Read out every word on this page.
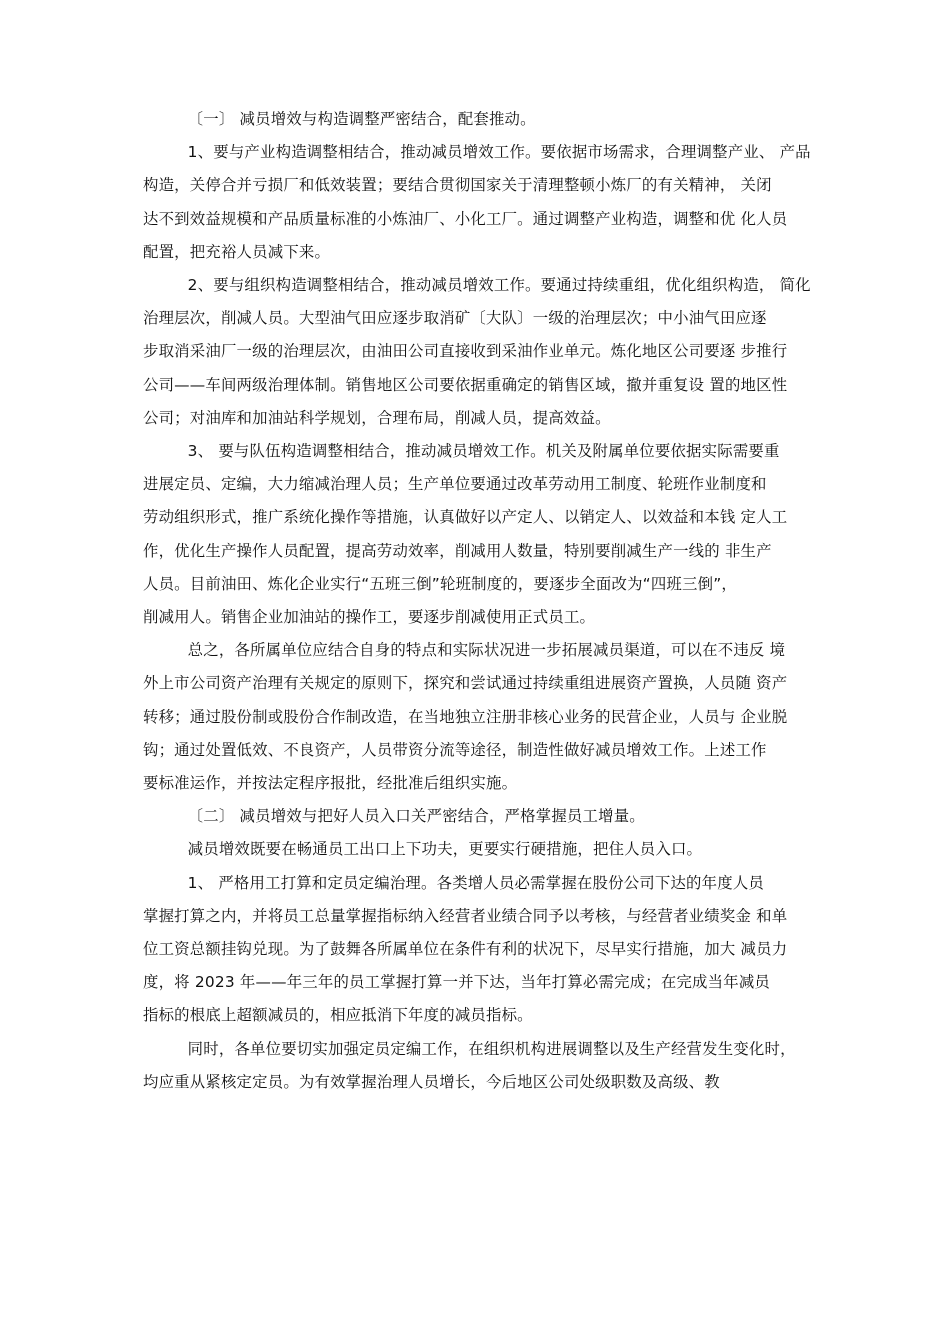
〔一〕 减员增效与构造调整严密结合，配套推动。
1、要与产业构造调整相结合，推动减员增效工作。要依据市场需求，合理调整产业、 产品
构造，关停合并亏损厂和低效装置；要结合贯彻国家关于清理整顿小炼厂的有关精神， 关闭
达不到效益规模和产品质量标准的小炼油厂、小化工厂。通过调整产业构造，调整和优 化人员
配置，把充裕人员减下来。
2、要与组织构造调整相结合，推动减员增效工作。要通过持续重组，优化组织构造， 简化
治理层次，削减人员。大型油气田应逐步取消矿〔大队〕一级的治理层次；中小油气田应逐
步取消采油厂一级的治理层次，由油田公司直接收到采油作业单元。炼化地区公司要逐 步推行
公司——车间两级治理体制。销售地区公司要依据重确定的销售区域，撤并重复设 置的地区性
公司；对油库和加油站科学规划，合理布局，削减人员，提高效益。
3、 要与队伍构造调整相结合，推动减员增效工作。机关及附属单位要依据实际需要重
进展定员、定编，大力缩减治理人员；生产单位要通过改革劳动用工制度、轮班作业制度和
劳动组织形式，推广系统化操作等措施，认真做好以产定人、以销定人、以效益和本钱 定人工
作，优化生产操作人员配置，提高劳动效率，削减用人数量，特别要削减生产一线的 非生产
人员。目前油田、炼化企业实行“五班三倒”轮班制度的，要逐步全面改为“四班三倒”，
削减用人。销售企业加油站的操作工，要逐步削减使用正式员工。
总之，各所属单位应结合自身的特点和实际状况进一步拓展减员渠道，可以在不违反 境
外上市公司资产治理有关规定的原则下，探究和尝试通过持续重组进展资产置换，人员随 资产
转移；通过股份制或股份合作制改造，在当地独立注册非核心业务的民营企业，人员与 企业脱
钩；通过处置低效、不良资产，人员带资分流等途径，制造性做好减员增效工作。上述工作
要标准运作，并按法定程序报批，经批准后组织实施。
〔二〕 减员增效与把好人员入口关严密结合，严格掌握员工增量。
减员增效既要在畅通员工出口上下功夫，更要实行硬措施，把住人员入口。
1、 严格用工打算和定员定编治理。各类增人员必需掌握在股份公司下达的年度人员
掌握打算之内，并将员工总量掌握指标纳入经营者业绩合同予以考核，与经营者业绩奖金 和单
位工资总额挂钩兑现。为了鼓舞各所属单位在条件有利的状况下，尽早实行措施，加大 减员力
度，将 2023 年——年三年的员工掌握打算一并下达，当年打算必需完成；在完成当年减员
指标的根底上超额减员的，相应抵消下年度的减员指标。
同时，各单位要切实加强定员定编工作，在组织机构进展调整以及生产经营发生变化时，
均应重从紧核定定员。为有效掌握治理人员增长，今后地区公司处级职数及高级、教
